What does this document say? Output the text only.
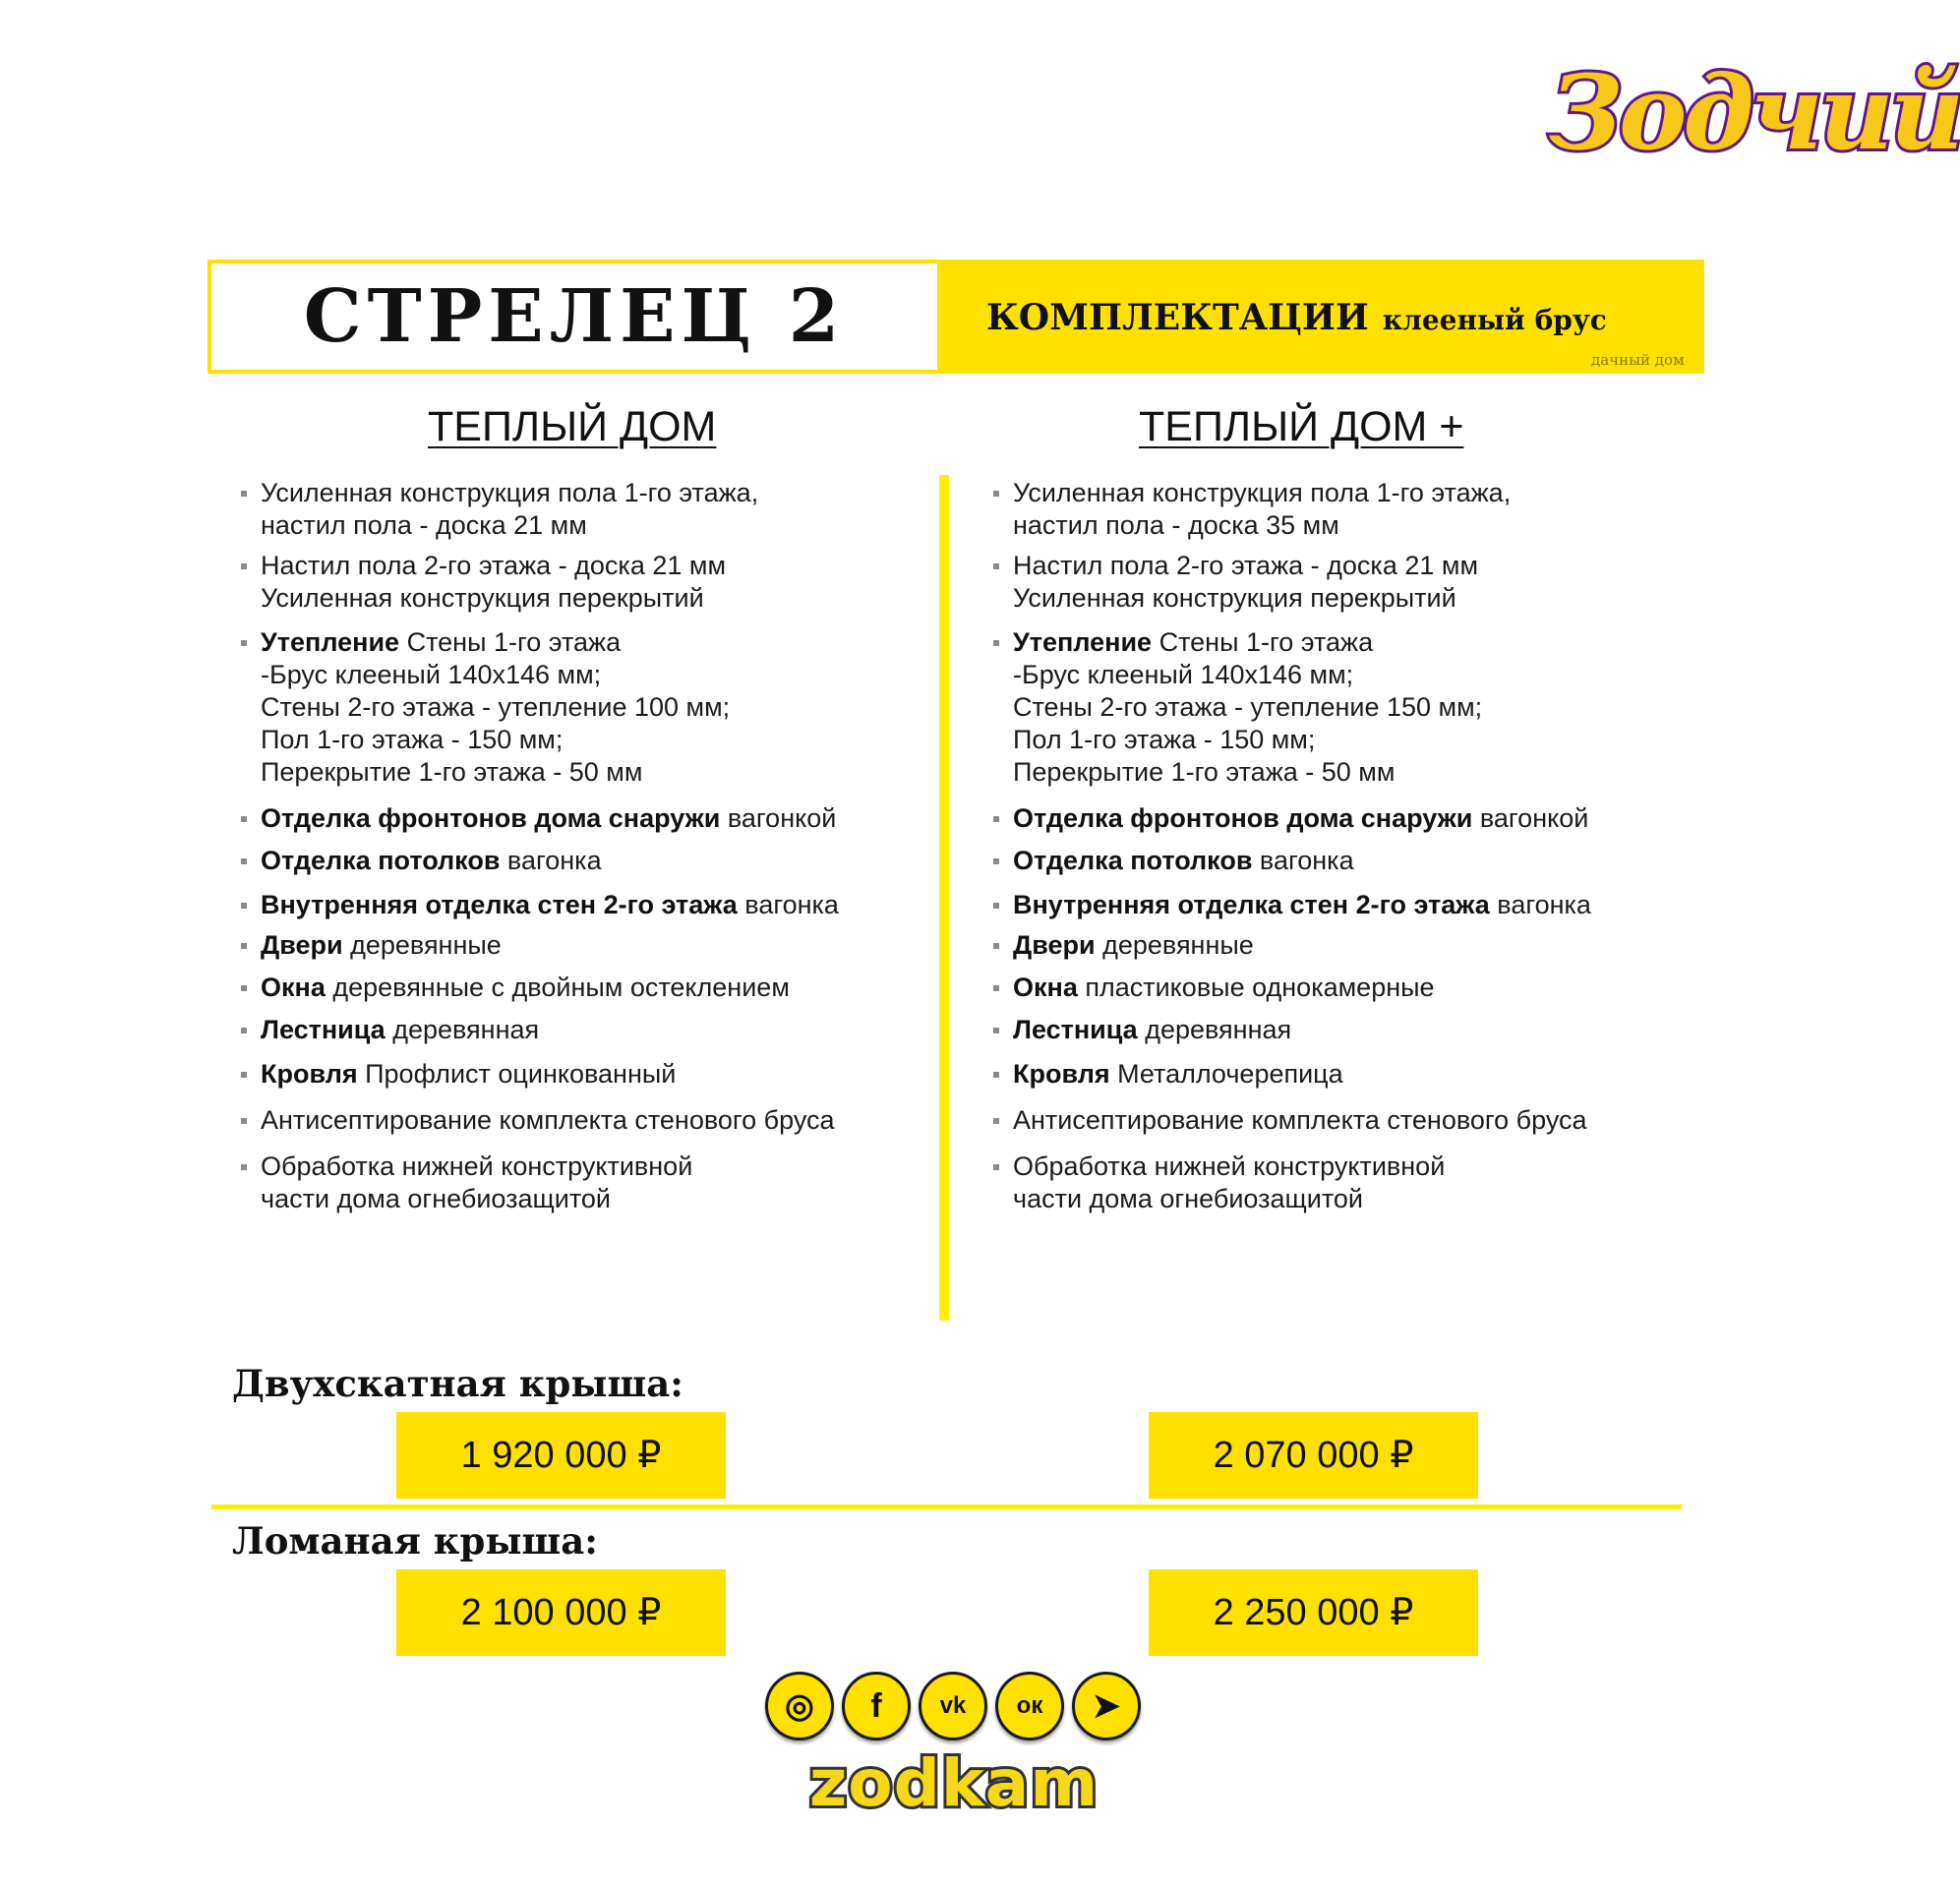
Зодчий
СТРЕЛЕЦ 2	КОМПЛЕКТАЦИИ клееный брус
дачный дом
ТЕПЛЫЙ ДОМ	ТЕПЛЫЙ ДОМ +
Усиленная конструкция пола 1-го этажа,
настил пола - доска 21 мм
Настил пола 2-го этажа - доска 21 мм
Усиленная конструкция перекрытий
Утепление Стены 1-го этажа
-Брус клееный 140х146 мм;
Стены 2-го этажа - утепление 100 мм;
Пол 1-го этажа - 150 мм;
Перекрытие 1-го этажа - 50 мм
Отделка фронтонов дома снаружи вагонкой
Отделка потолков вагонка
Внутренняя отделка стен 2-го этажа вагонка
Двери деревянные
Окна деревянные с двойным остеклением
Лестница деревянная
Кровля Профлист оцинкованный
Антисептирование комплекта стенового бруса
Обработка нижней конструктивной
части дома огнебиозащитой
Усиленная конструкция пола 1-го этажа,
настил пола - доска 35 мм
Настил пола 2-го этажа - доска 21 мм
Усиленная конструкция перекрытий
Утепление Стены 1-го этажа
-Брус клееный 140х146 мм;
Стены 2-го этажа - утепление 150 мм;
Пол 1-го этажа - 150 мм;
Перекрытие 1-го этажа - 50 мм
Отделка фронтонов дома снаружи вагонкой
Отделка потолков вагонка
Внутренняя отделка стен 2-го этажа вагонка
Двери деревянные
Окна пластиковые однокамерные
Лестница деревянная
Кровля Металлочерепица
Антисептирование комплекта стенового бруса
Обработка нижней конструктивной
части дома огнебиозащитой
Двухскатная крыша:
1 920 000 ₽	2 070 000 ₽
Ломаная крыша:
2 100 000 ₽	2 250 000 ₽
◎	f	vk	ок	➤
zodkam
